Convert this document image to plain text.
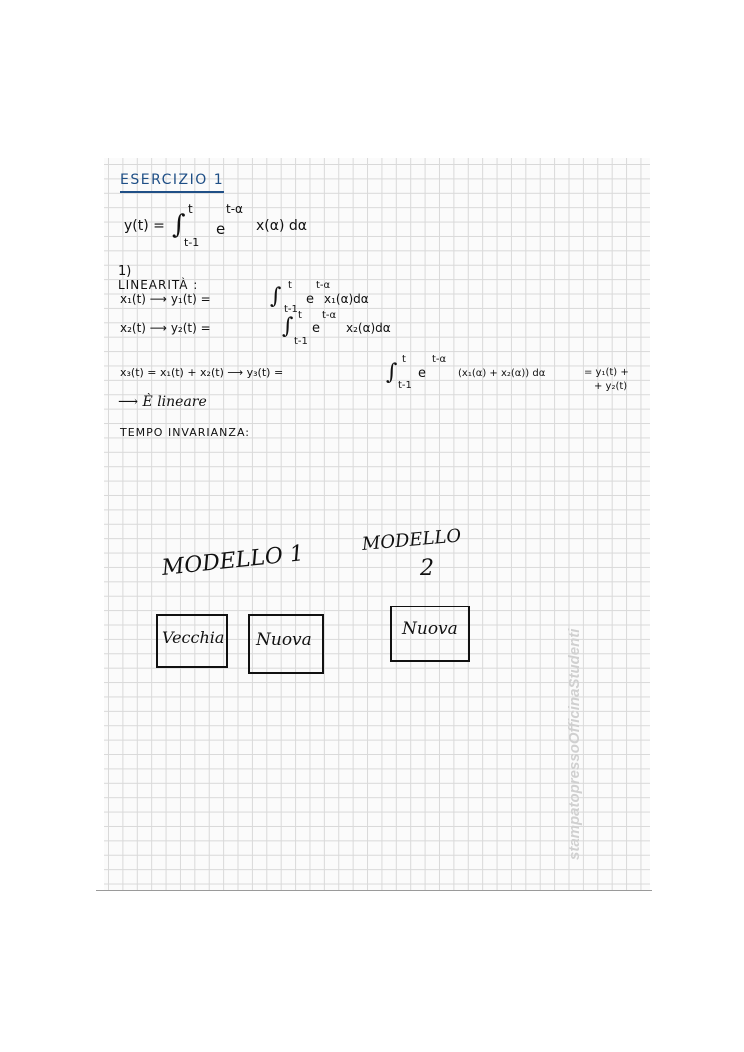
ESERCIZIO 1
y(t) = ∫
t
t-1
e
t-α
x(α) dα
1)
LINEARITÀ :
x₁(t) ⟶ y₁(t) =	∫ t
t-1
e
t-α
x₁(α)dα
x₂(t) ⟶ y₂(t) =	∫ t
t-1
e
t-α
x₂(α)dα
x₃(t) = x₁(t) + x₂(t) ⟶ y₃(t) =	∫
t
t-1
e
t-α
(x₁(α) + x₂(α)) dα	= y₁(t) +
+ y₂(t)
⟶ È lineare
TEMPO INVARIANZA:
MODELLO 1
MODELLO
2
Vecchia Nuova
Nuova	stampatopressoOfficinaStudenti
